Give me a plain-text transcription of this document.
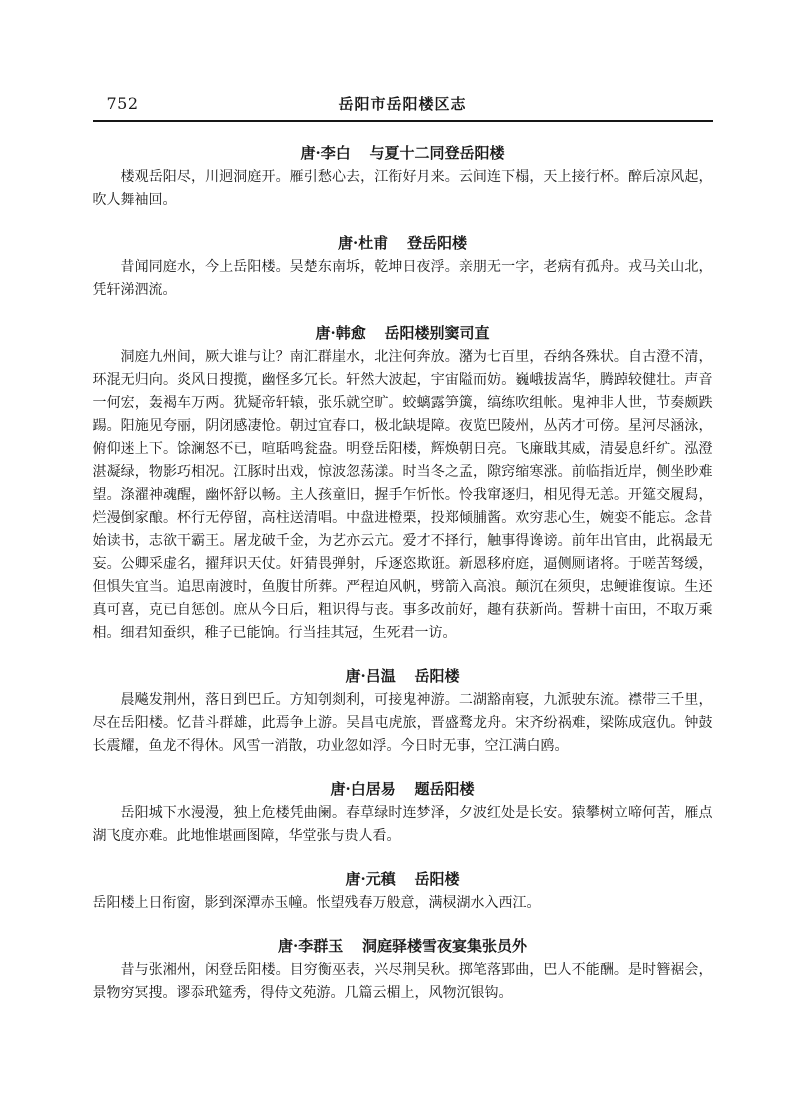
752	岳阳市岳阳楼区志
唐·李白 与夏十二同登岳阳楼

楼观岳阳尽，川迥洞庭开。雁引愁心去，江衔好月来。云间连下榻，天上接行杯。醉后凉风起，吹人舞袖回。

唐·杜甫 登岳阳楼

昔闻同庭水，今上岳阳楼。吴楚东南坼，乾坤日夜浮。亲朋无一字，老病有孤舟。戎马关山北，凭轩涕泗流。

唐·韩愈 岳阳楼别窦司直

洞庭九州间，厥大谁与让？南汇群崖水，北注何奔放。潴为七百里，吞纳各殊状。自古澄不清，环混无归向。炎风日搜揽，幽怪多冗长。轩然大波起，宇宙隘而妨。巍峨拔嵩华，腾踔较健壮。声音一何宏，轰褐车万两。犹疑帝轩辕，张乐就空旷。蛟螭露笋簴，缟练吹组帐。鬼神非人世，节奏颇跌踼。阳施见夸丽，阴闭感凄怆。朝过宜春口，极北缺堤障。夜览巴陵州，丛芮才可傍。星河尽涵泳，俯仰迷上下。馀澜怒不已，喧聒鸣瓮盎。明登岳阳楼，辉焕朝日亮。飞廉戢其威，清晏息纤纩。泓澄湛凝绿，物影巧相况。江豚时出戏，惊波忽荡漾。时当冬之孟，隙窍缩寒涨。前临指近岸，侧坐眇难望。涤濯神魂醒，幽怀舒以畅。主人孩童旧，握手乍忻怅。怜我窜逐归，相见得无恙。开筵交履舄，烂漫倒家酿。杯行无停留，高柱送清唱。中盘进橙栗，投郑倾脯酱。欢穷悲心生，婉娈不能忘。念昔始读书，志欲干霸王。屠龙破千金，为艺亦云亢。爱才不择行，触事得谗谤。前年出官由，此祸最无妄。公卿采虚名，擢拜识天仗。奸猜畏弹射，斥逐恣欺诳。新恩移府庭，逼侧厕诸将。于嗟苦驽缓，但惧失宜当。追思南渡时，鱼腹甘所葬。严程迫风帆，劈箭入高浪。颠沉在须臾，忠鲠谁復谅。生还真可喜，克已自惩创。庶从今日后，粗识得与丧。事多改前好，趣有获新尚。誓耕十亩田，不取万乘相。细君知蚕织，稚子已能饷。行当挂其冠，生死君一访。

唐·吕温 岳阳楼

晨飚发荆州，落日到巴丘。方知刳剡利，可接鬼神游。二湖豁南寝，九派驶东流。襟带三千里，尽在岳阳楼。忆昔斗群雄，此焉争上游。吴昌屯虎旅，晋盛鹜龙舟。宋齐纷祸难，梁陈成寇仇。钟鼓长震耀，鱼龙不得休。风雪一消散，功业忽如浮。今日时无事，空江满白鸥。

唐·白居易 题岳阳楼

岳阳城下水漫漫，独上危楼凭曲阑。春草绿时连梦泽，夕波红处是长安。猿攀树立啼何苦，雁点湖飞度亦难。此地惟堪画图障，华堂张与贵人看。

唐·元稹 岳阳楼

岳阳楼上日衔窗，影到深潭赤玉幢。怅望残春万般意，满棂湖水入西江。

唐·李群玉 洞庭驿楼雪夜宴集张员外

昔与张湘州，闲登岳阳楼。目穷衡巫表，兴尽荆吴秋。掷笔落郢曲，巴人不能酬。是时簪裾会，景物穷冥搜。谬忝玳筵秀，得侍文苑游。几篇云楣上，风物沉银钩。
